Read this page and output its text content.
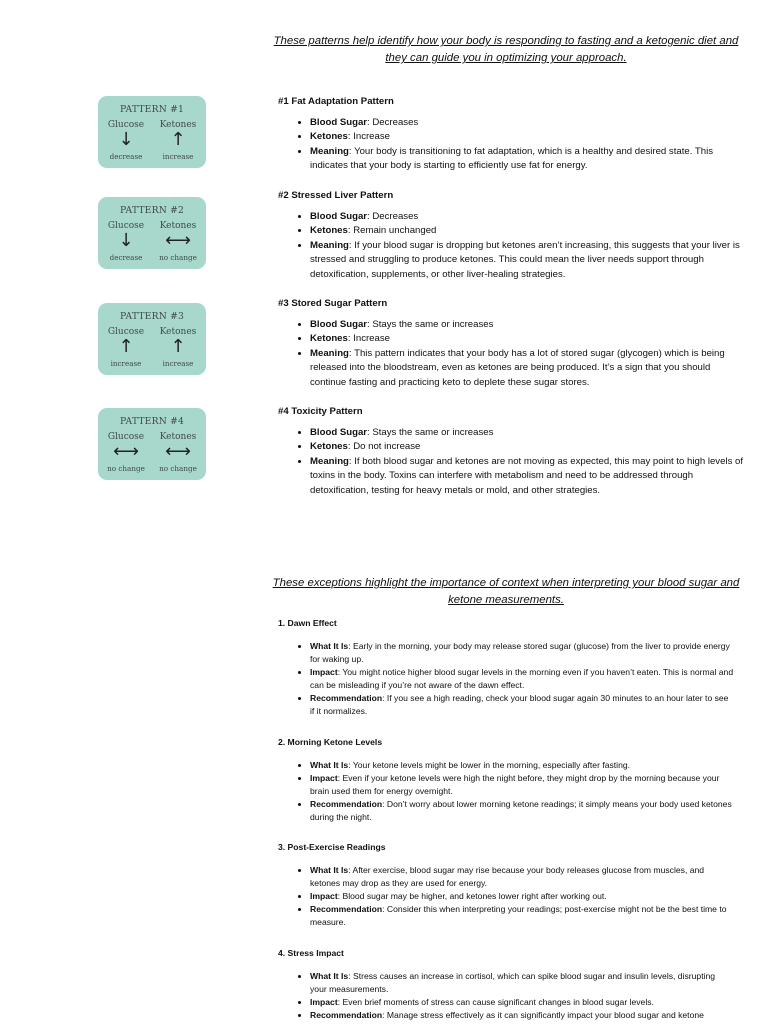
These patterns help identify how your body is responding to fasting and a ketogenic diet and they can guide you in optimizing your approach.
PATTERN #1
Glucose
↓
decrease
Ketones
↑
increase
PATTERN #2
Glucose
↓
decrease
Ketones
⟷
no change
PATTERN #3
Glucose
↑
increase
Ketones
↑
increase
PATTERN #4
Glucose
⟷
no change
Ketones
⟷
no change
#1 Fat Adaptation Pattern
• Blood Sugar: Decreases
• Ketones: Increase
• Meaning: Your body is transitioning to fat adaptation, which is a healthy and desired state. This indicates that your body is starting to efficiently use fat for energy.
#2 Stressed Liver Pattern
• Blood Sugar: Decreases
• Ketones: Remain unchanged
• Meaning: If your blood sugar is dropping but ketones aren’t increasing, this suggests that your liver is stressed and struggling to produce ketones. This could mean the liver needs support through detoxification, supplements, or other liver-healing strategies.
#3 Stored Sugar Pattern
• Blood Sugar: Stays the same or increases
• Ketones: Increase
• Meaning: This pattern indicates that your body has a lot of stored sugar (glycogen) which is being released into the bloodstream, even as ketones are being produced. It’s a sign that you should continue fasting and practicing keto to deplete these sugar stores.
#4 Toxicity Pattern
• Blood Sugar: Stays the same or increases
• Ketones: Do not increase
• Meaning: If both blood sugar and ketones are not moving as expected, this may point to high levels of toxins in the body. Toxins can interfere with metabolism and need to be addressed through detoxification, testing for heavy metals or mold, and other strategies.
These exceptions highlight the importance of context when interpreting your blood sugar and ketone measurements.
1. Dawn Effect
• What It Is: Early in the morning, your body may release stored sugar (glucose) from the liver to provide energy for waking up.
• Impact: You might notice higher blood sugar levels in the morning even if you haven’t eaten. This is normal and can be misleading if you’re not aware of the dawn effect.
• Recommendation: If you see a high reading, check your blood sugar again 30 minutes to an hour later to see if it normalizes.
2. Morning Ketone Levels
• What It Is: Your ketone levels might be lower in the morning, especially after fasting.
• Impact: Even if your ketone levels were high the night before, they might drop by the morning because your brain used them for energy overnight.
• Recommendation: Don’t worry about lower morning ketone readings; it simply means your body used ketones during the night.
3. Post-Exercise Readings
• What It Is: After exercise, blood sugar may rise because your body releases glucose from muscles, and ketones may drop as they are used for energy.
• Impact: Blood sugar may be higher, and ketones lower right after working out.
• Recommendation: Consider this when interpreting your readings; post-exercise might not be the best time to measure.
4. Stress Impact
• What It Is: Stress causes an increase in cortisol, which can spike blood sugar and insulin levels, disrupting your measurements.
• Impact: Even brief moments of stress can cause significant changes in blood sugar levels.
• Recommendation: Manage stress effectively as it can significantly impact your blood sugar and ketone
